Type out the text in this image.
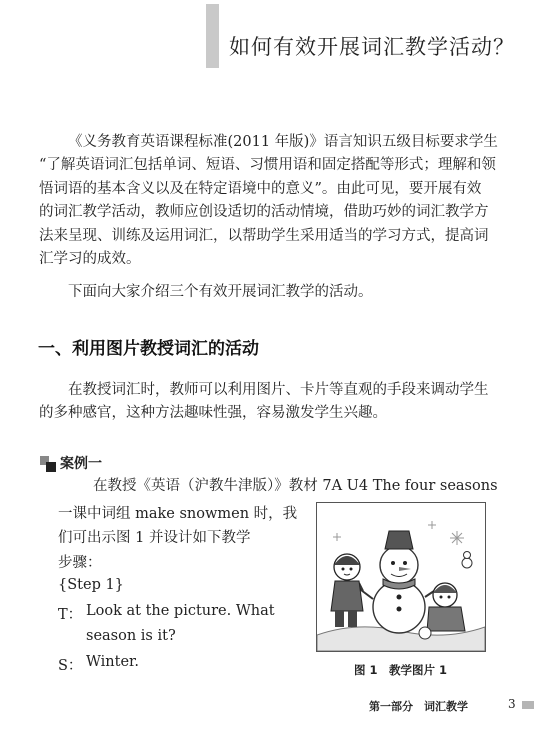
如何有效开展词汇教学活动？
《义务教育英语课程标准(2011 年版)》语言知识五级目标要求学生
“了解英语词汇包括单词、短语、习惯用语和固定搭配等形式；理解和领
悟词语的基本含义以及在特定语境中的意义”。由此可见，要开展有效
的词汇教学活动，教师应创设适切的活动情境，借助巧妙的词汇教学方
法来呈现、训练及运用词汇，以帮助学生采用适当的学习方式，提高词
汇学习的成效。
下面向大家介绍三个有效开展词汇教学的活动。
一、利用图片教授词汇的活动
在教授词汇时，教师可以利用图片、卡片等直观的手段来调动学生
的多种感官，这种方法趣味性强，容易激发学生兴趣。
案例一
在教授《英语（沪教牛津版）》教材 7A U4 The four seasons
一课中词组 make snowmen 时，我
们可出示图 1 并设计如下教学
步骤：
{Step 1}
T： Look at the picture. What
season is it?
S： Winter.	图 1　教学图片 1
第一部分　词汇教学	3
